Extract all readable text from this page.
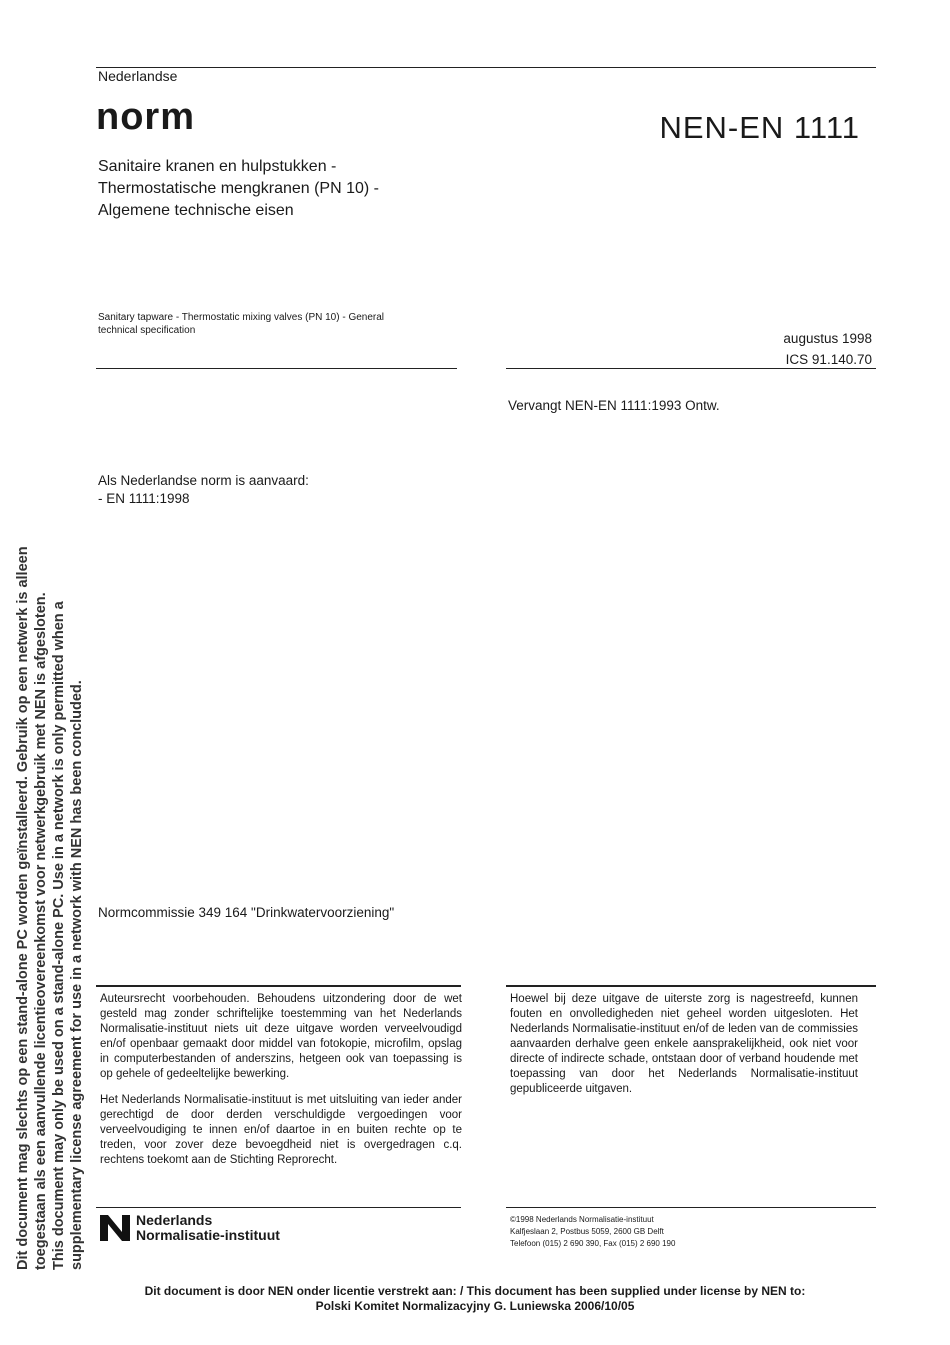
Nederlandse
norm	NEN-EN 1111
Sanitaire kranen en hulpstukken -
Thermostatische mengkranen (PN 10) -
Algemene technische eisen
Sanitary tapware - Thermostatic mixing valves (PN 10) - General
technical specification
augustus 1998
ICS 91.140.70
Vervangt NEN-EN 1111:1993 Ontw.
Als Nederlandse norm is aanvaard:
- EN 1111:1998
Normcommissie 349 164 "Drinkwatervoorziening"

Auteursrecht voorbehouden. Behoudens uitzondering door de wet gesteld mag zonder schriftelijke toestemming van het Nederlands Normalisatie-instituut niets uit deze uitgave worden verveelvoudigd en/of openbaar gemaakt door middel van fotokopie, microfilm, opslag in computerbestanden of anderszins, hetgeen ook van toepassing is op gehele of gedeeltelijke bewerking.

Het Nederlands Normalisatie-instituut is met uitsluiting van ieder ander gerechtigd de door derden verschuldigde vergoedingen voor verveelvoudiging te innen en/of daartoe in en buiten rechte op te treden, voor zover deze bevoegdheid niet is overgedragen c.q. rechtens toekomt aan de Stichting Reprorecht.

Hoewel bij deze uitgave de uiterste zorg is nagestreefd, kunnen fouten en onvolledigheden niet geheel worden uitgesloten. Het Nederlands Normalisatie-instituut en/of de leden van de commissies aanvaarden derhalve geen enkele aansprakelijkheid, ook niet voor directe of indirecte schade, ontstaan door of verband houdende met toepassing van door het Nederlands Normalisatie-instituut gepubliceerde uitgaven.
Nederlands
Normalisatie-instituut
©1998 Nederlands Normalisatie-instituut
Kalfjeslaan 2, Postbus 5059, 2600 GB Delft
Telefoon (015) 2 690 390, Fax (015) 2 690 190
Dit document is door NEN onder licentie verstrekt aan: / This document has been supplied under license by NEN to:
Polski Komitet Normalizacyjny G. Luniewska 2006/10/05
Dit document mag slechts op een stand-alone PC worden geïnstalleerd. Gebruik op een netwerk is alleen toegestaan als een aanvullende licentieovereenkomst voor netwerkgebruik met NEN is afgesloten. This document may only be used on a stand-alone PC. Use in a network is only permitted when a supplementary license agreement for use in a network with NEN has been concluded.
